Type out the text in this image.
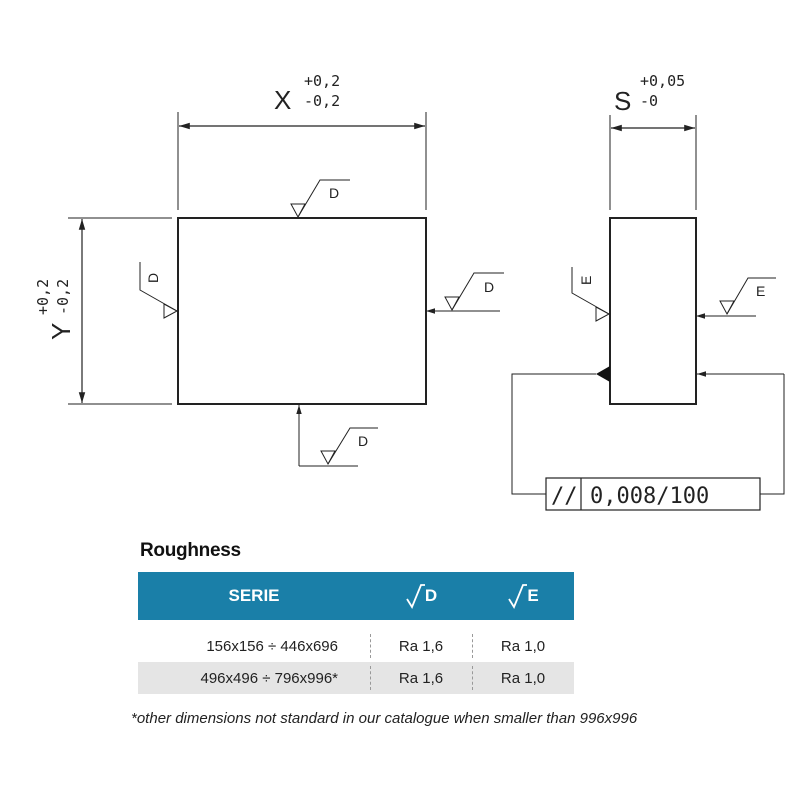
X
+0,2
-0,2
Y
+0,2 -0,2
D
D
D
D
S
+0,05
-0
E
E
// 0,008/100
Roughness
SERIE	D	E
156x156 ÷ 446x696	Ra 1,6	Ra 1,0
496x496 ÷ 796x996*	Ra 1,6	Ra 1,0
*other dimensions not standard in our catalogue when smaller than 996x996
